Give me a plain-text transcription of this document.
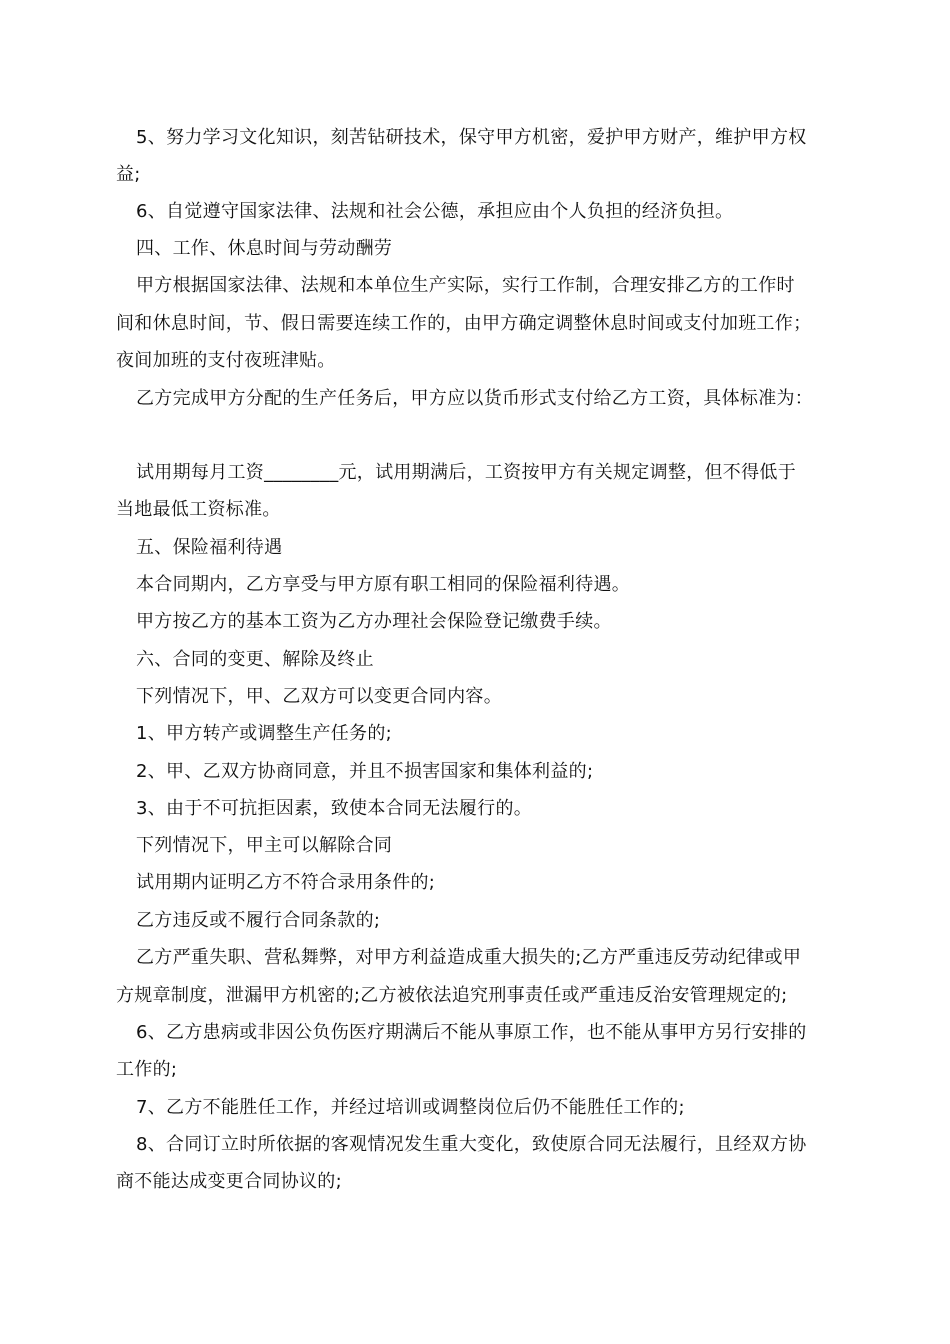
5、努力学习文化知识，刻苦钻研技术，保守甲方机密，爱护甲方财产，维护甲方权
益;
6、自觉遵守国家法律、法规和社会公德，承担应由个人负担的经济负担。
四、工作、休息时间与劳动酬劳
甲方根据国家法律、法规和本单位生产实际，实行工作制，合理安排乙方的工作时
间和休息时间，节、假日需要连续工作的，由甲方确定调整休息时间或支付加班工作；
夜间加班的支付夜班津贴。
乙方完成甲方分配的生产任务后，甲方应以货币形式支付给乙方工资，具体标准为：
试用期每月工资________元，试用期满后，工资按甲方有关规定调整，但不得低于
当地最低工资标准。
五、保险福利待遇
本合同期内，乙方享受与甲方原有职工相同的保险福利待遇。
甲方按乙方的基本工资为乙方办理社会保险登记缴费手续。
六、合同的变更、解除及终止
下列情况下，甲、乙双方可以变更合同内容。
1、甲方转产或调整生产任务的;
2、甲、乙双方协商同意，并且不损害国家和集体利益的;
3、由于不可抗拒因素，致使本合同无法履行的。
下列情况下，甲主可以解除合同
试用期内证明乙方不符合录用条件的;
乙方违反或不履行合同条款的;
乙方严重失职、营私舞弊，对甲方利益造成重大损失的;乙方严重违反劳动纪律或甲
方规章制度，泄漏甲方机密的;乙方被依法追究刑事责任或严重违反治安管理规定的;
6、乙方患病或非因公负伤医疗期满后不能从事原工作，也不能从事甲方另行安排的
工作的;
7、乙方不能胜任工作，并经过培训或调整岗位后仍不能胜任工作的;
8、合同订立时所依据的客观情况发生重大变化，致使原合同无法履行，且经双方协
商不能达成变更合同协议的;
